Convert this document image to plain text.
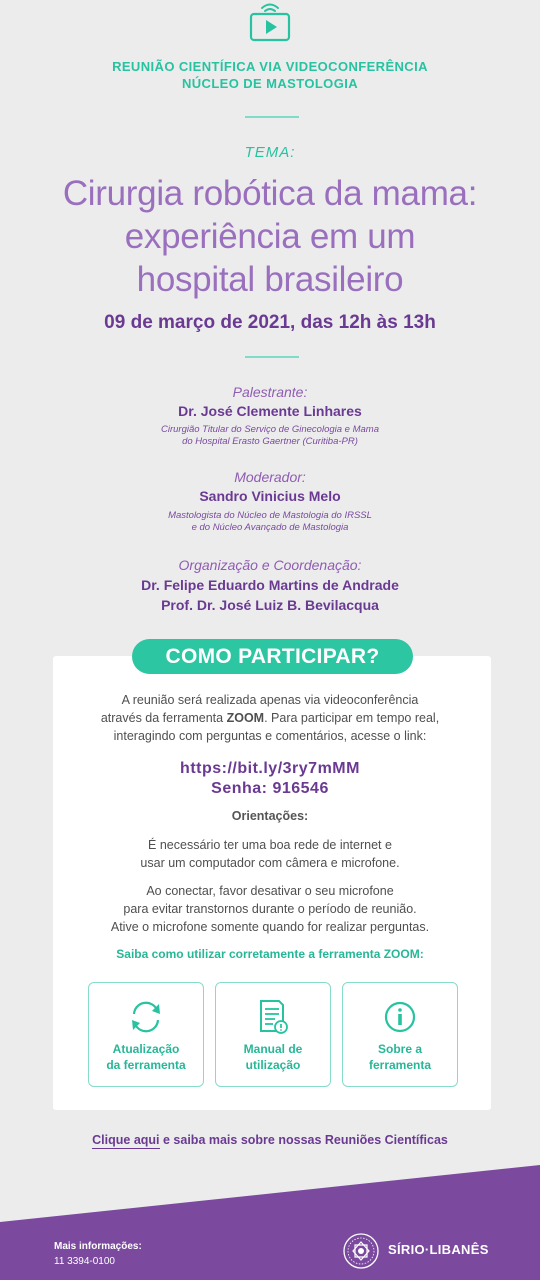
REUNIÃO CIENTÍFICA VIA VIDEOCONFERÊNCIA
NÚCLEO DE MASTOLOGIA
TEMA:
Cirurgia robótica da mama:
experiência em um
hospital brasileiro
09 de março de 2021, das 12h às 13h
Palestrante:
Dr. José Clemente Linhares
Cirurgião Titular do Serviço de Ginecologia e Mama
do Hospital Erasto Gaertner (Curitiba-PR)
Moderador:
Sandro Vinicius Melo
Mastologista do Núcleo de Mastologia do IRSSL
e do Núcleo Avançado de Mastologia
Organização e Coordenação:
Dr. Felipe Eduardo Martins de Andrade
Prof. Dr. José Luiz B. Bevilacqua
COMO PARTICIPAR?
A reunião será realizada apenas via videoconferência
através da ferramenta ZOOM. Para participar em tempo real,
interagindo com perguntas e comentários, acesse o link:
https://bit.ly/3ry7mMM
Senha: 916546
Orientações:
É necessário ter uma boa rede de internet e
usar um computador com câmera e microfone.
Ao conectar, favor desativar o seu microfone
para evitar transtornos durante o período de reunião.
Ative o microfone somente quando for realizar perguntas.
Saiba como utilizar corretamente a ferramenta ZOOM:
Atualização
da ferramenta
Manual de
utilização
Sobre a
ferramenta
Clique aqui e saiba mais sobre nossas Reuniões Científicas
Mais informações:
11 3394-0100
SÍRIO·LIBANÊS
